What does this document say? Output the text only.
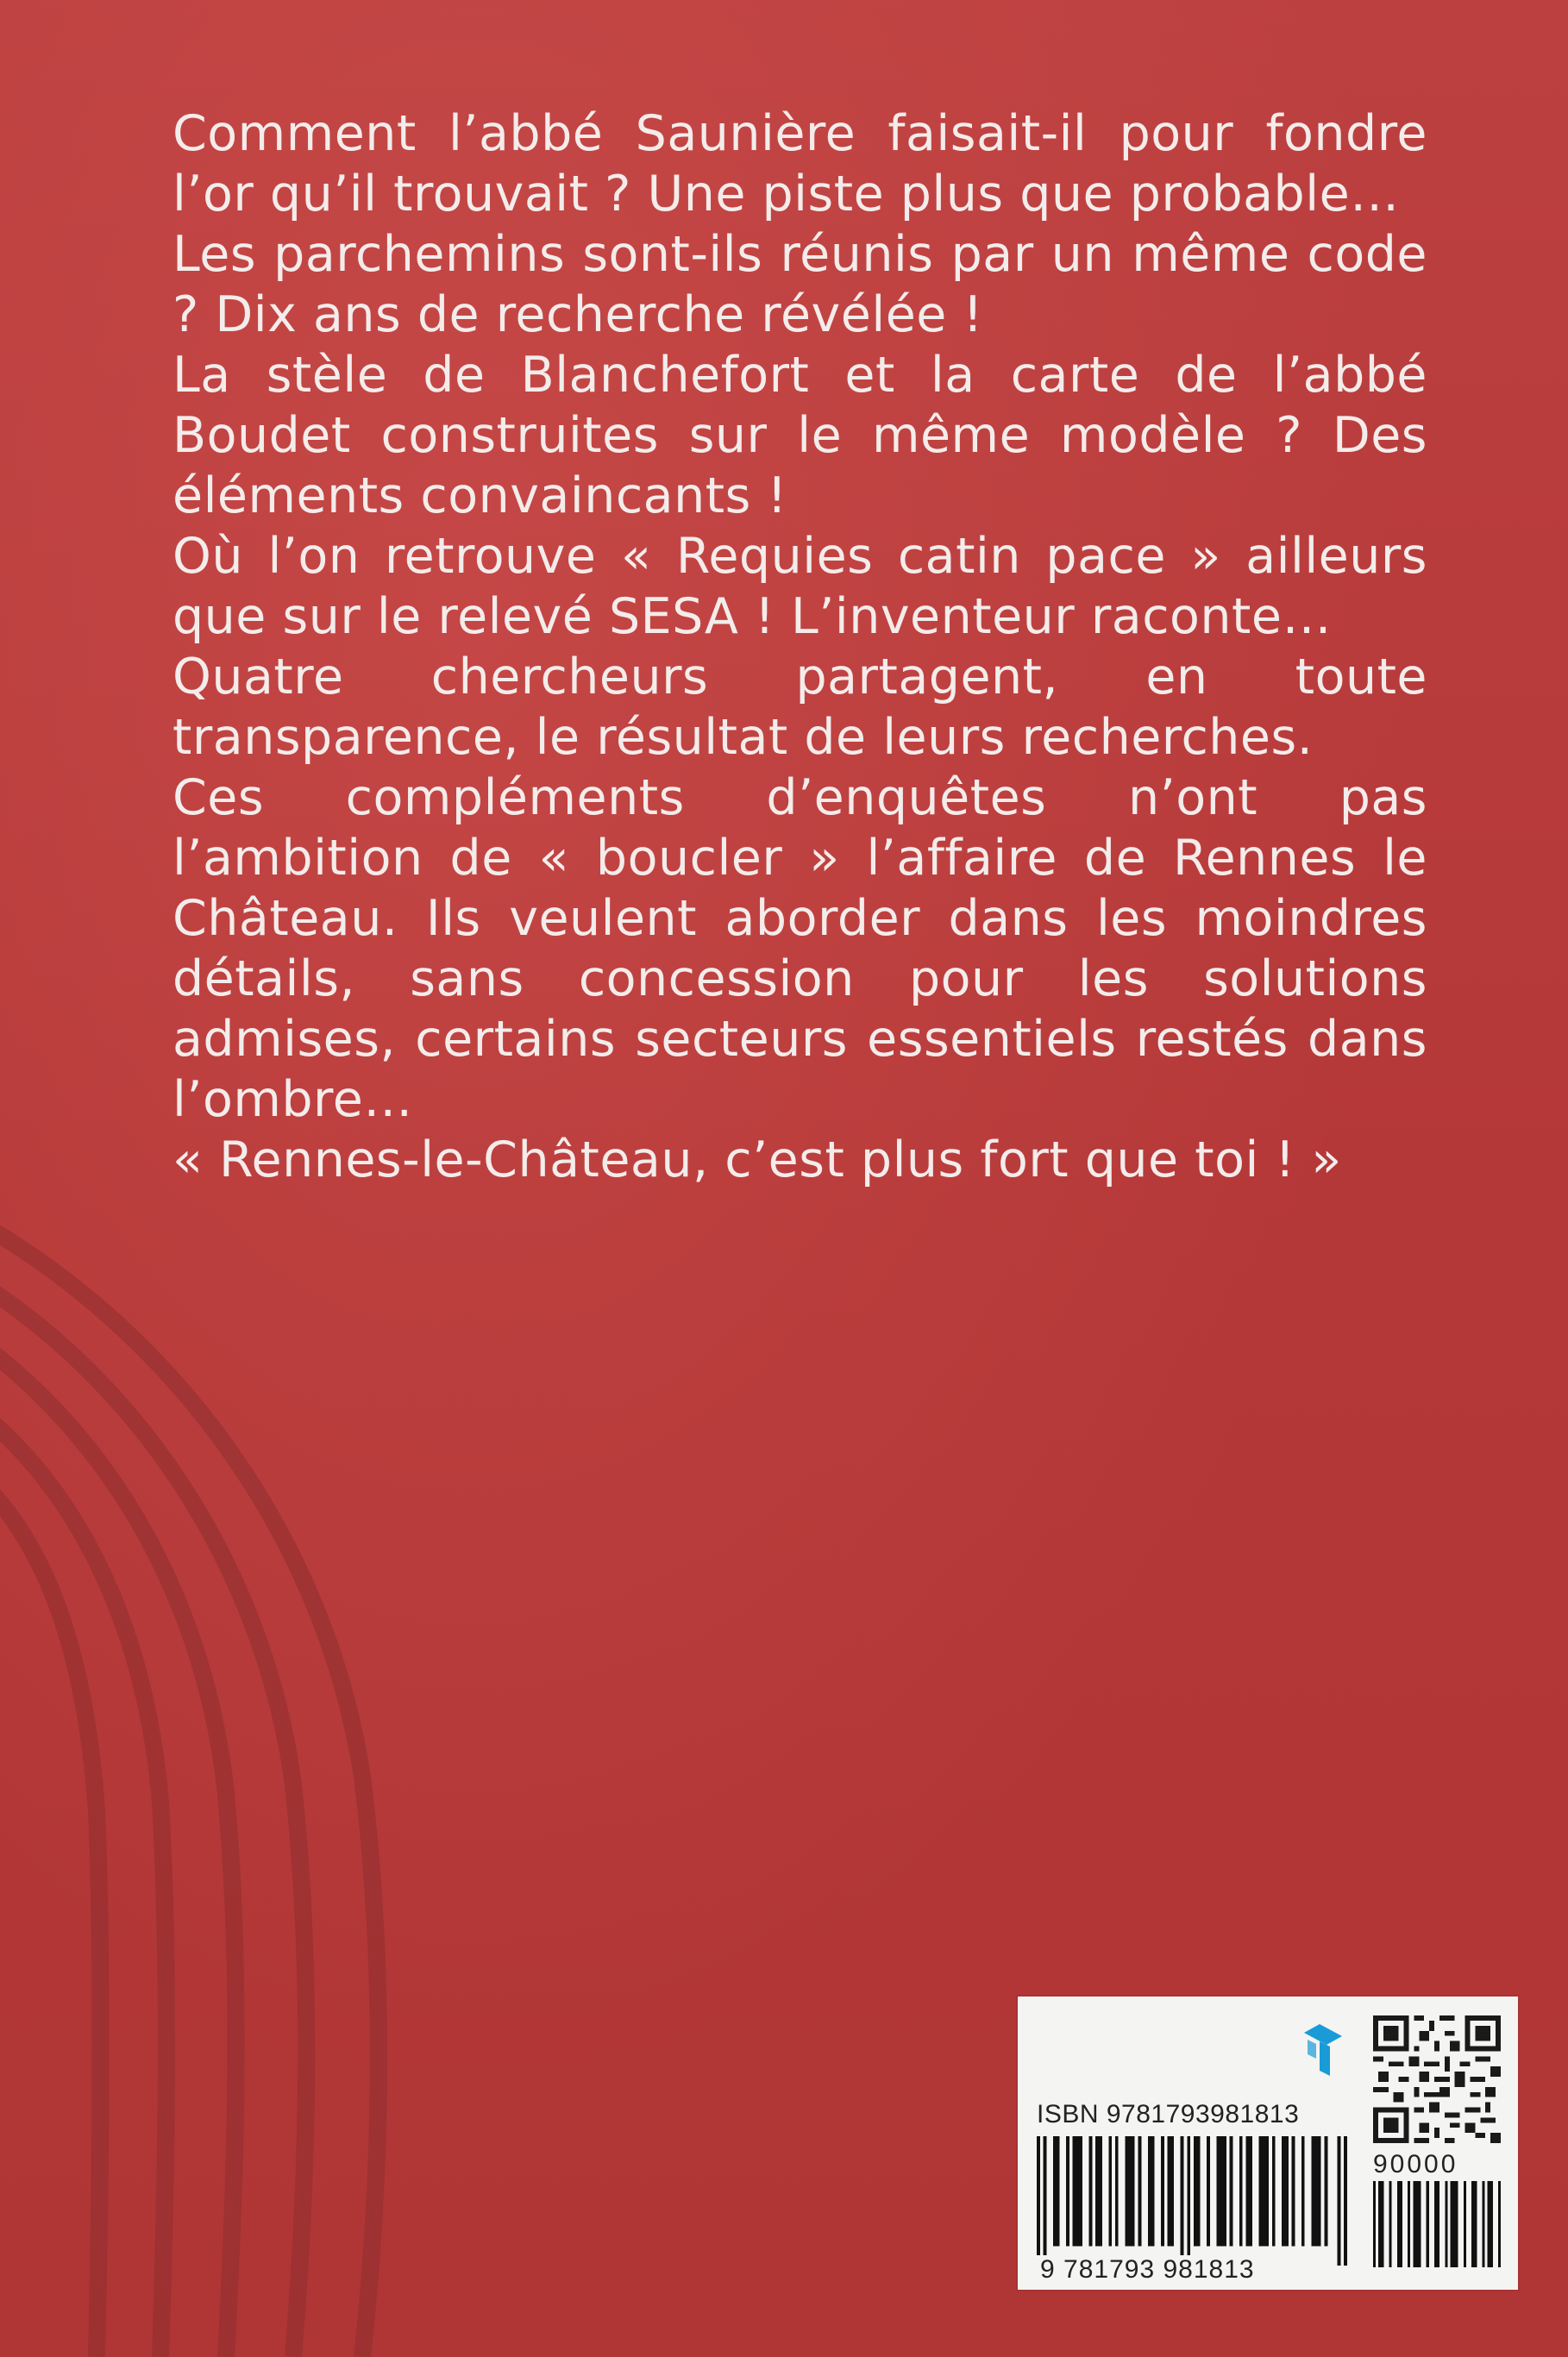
Comment l’abbé Saunière faisait-il pour fondre l’or qu’il trouvait ? Une piste plus que probable…

Les parchemins sont-ils réunis par un même code ? Dix ans de recherche révélée !

La stèle de Blanchefort et la carte de l’abbé Boudet construites sur le même modèle ? Des éléments convaincants !

Où l’on retrouve « Requies catin pace » ailleurs que sur le relevé SESA ! L’inventeur raconte…

Quatre chercheurs partagent, en toute transparence, le résultat de leurs recherches.

Ces compléments d’enquêtes n’ont pas l’ambition de « boucler » l’affaire de Rennes le Château. Ils veulent aborder dans les moindres détails, sans concession pour les solutions admises, certains secteurs essentiels restés dans l’ombre…

« Rennes-le-Château, c’est plus fort que toi ! »

ISBN 9781793981813
9 781793 981813
90000
